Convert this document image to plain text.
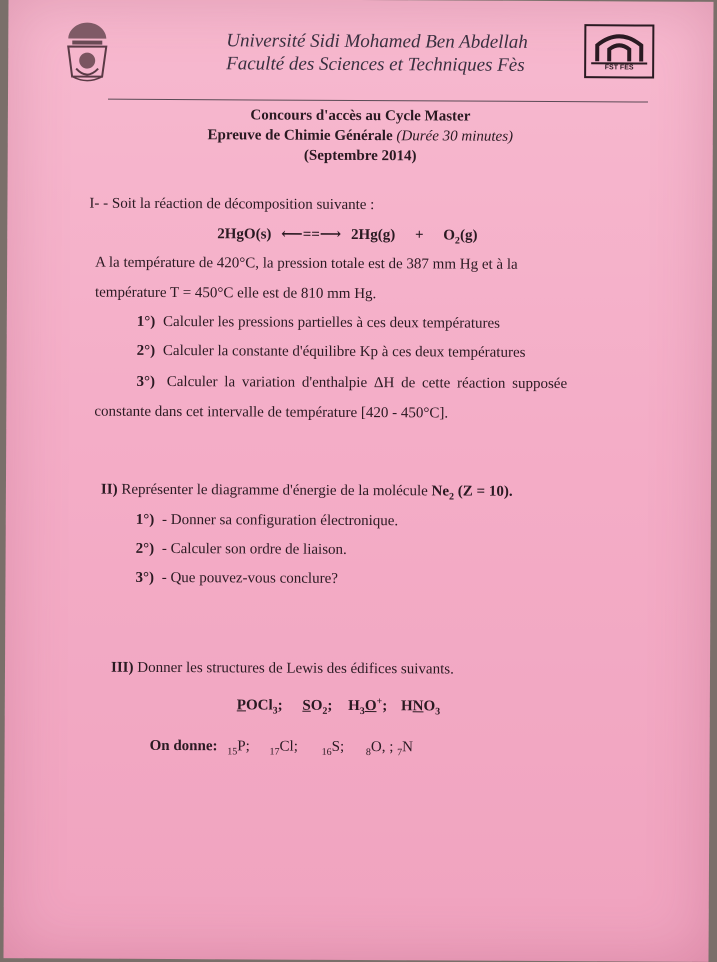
Université Sidi Mohamed Ben Abdellah
Faculté des Sciences et Techniques Fès	FST FES
Concours d'accès au Cycle Master
Epreuve de Chimie Générale (Durée 30 minutes)
(Septembre 2014)
I- - Soit la réaction de décomposition suivante :
2HgO(s) ⟵==⟶ $2Hg(g) + O_2(g)$
A la température de 420°C, la pression totale est de 387 mm Hg et à la
température T = 450°C elle est de 810 mm Hg.
1°) Calculer les pressions partielles à ces deux températures
2°) Calculer la constante d'équilibre Kp à ces deux températures
3°) Calculer la variation d'enthalpie ΔH de cette réaction supposée
constante dans cet intervalle de température [420 - 450°C].
II) Représenter le diagramme d'énergie de la molécule $Ne_2$ (Z = 10).
1°) - Donner sa configuration électronique.
2°) - Calculer son ordre de liaison.
3°) - Que pouvez-vous conclure?
III) Donner les structures de Lewis des édifices suivants.
POCl$_3$; $SO_2$; $H_3O^+$; $HNO_3$
On donne: $_{15}$P; $_{17}$Cl; $_{16}$S; $_8$O, ; $_7$N
